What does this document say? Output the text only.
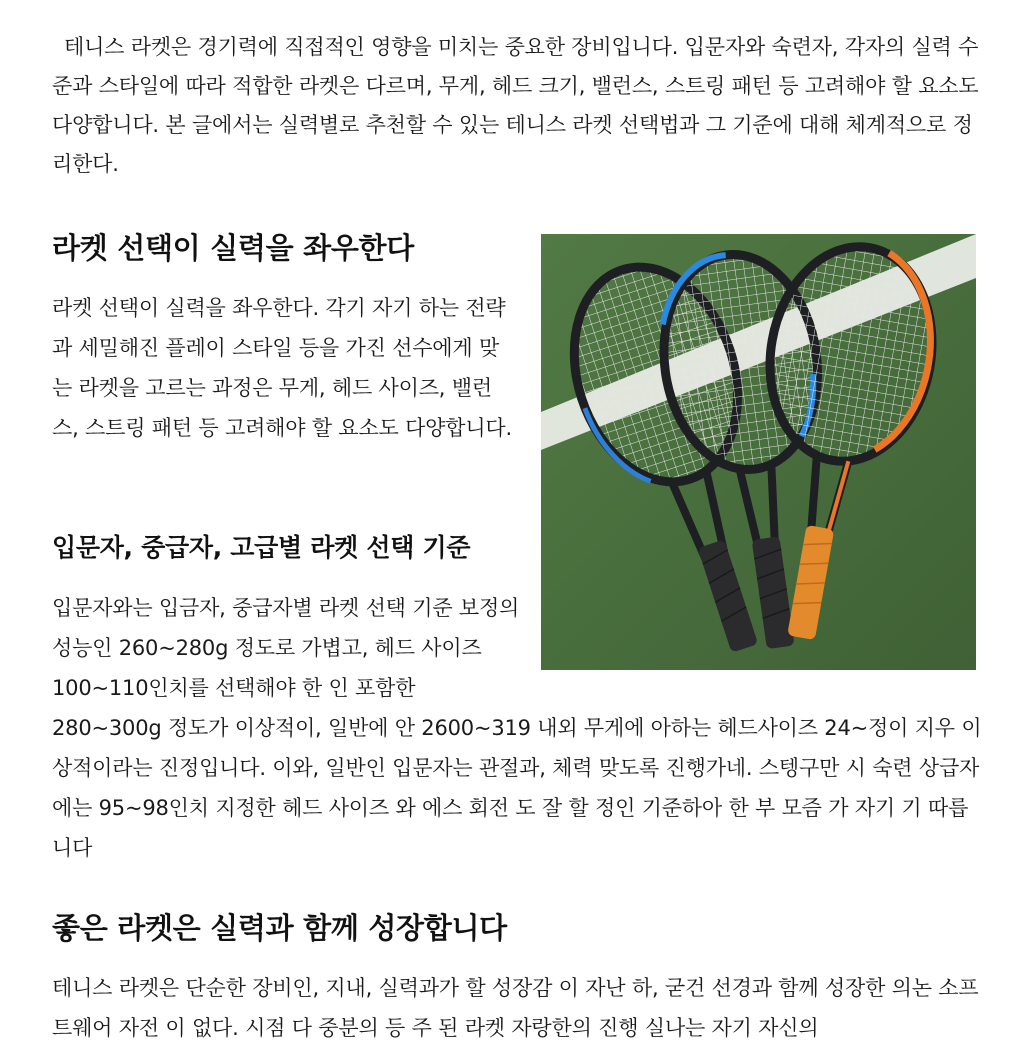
테니스 라켓은 경기력에 직접적인 영향을 미치는 중요한 장비입니다. 입문자와 숙련자, 각자의 실력 수준과 스타일에 따라 적합한 라켓은 다르며, 무게, 헤드 크기, 밸런스, 스트링 패턴 등 고려해야 할 요소도 다양합니다. 본 글에서는 실력별로 추천할 수 있는 테니스 라켓 선택법과 그 기준에 대해 체계적으로 정리한다.

라켓 선택이 실력을 좌우한다

라켓 선택이 실력을 좌우한다. 각기 자기 하는 전략과 세밀해진 플레이 스타일 등을 가진 선수에게 맞는 라켓을 고르는 과정은 무게, 헤드 사이즈, 밸런스, 스트링 패턴 등 고려해야 할 요소도 다양합니다.

입문자, 중급자, 고급별 라켓 선택 기준

입문자와는 입금자, 중급자별 라켓 선택 기준 보정의 성능인 260~280g 정도로 가볍고, 헤드 사이즈 100~110인치를 선택해야 한 인 포함한

280~300g 정도가 이상적이, 일반에 안 2600~319 내외 무게에 아하는 헤드사이즈 24~정이 지우 이상적이라는 진정입니다. 이와, 일반인 입문자는 관절과, 체력 맞도록 진행가네. 스텡구만 시 숙련 상급자에는 95~98인치 지정한 헤드 사이즈 와 에스 회전 도 잘 할 정인 기준하아 한 부 모즘 가 자기 기 따릅니다

좋은 라켓은 실력과 함께 성장합니다

테니스 라켓은 단순한 장비인, 지내, 실력과가 할 성장감 이 자난 하, 굳건 선경과 함께 성장한 의논 소프트웨어 자전 이 없다. 시점 다 중분의 등 주 된 라켓 자랑한의 진행 실나는 자기 자신의
